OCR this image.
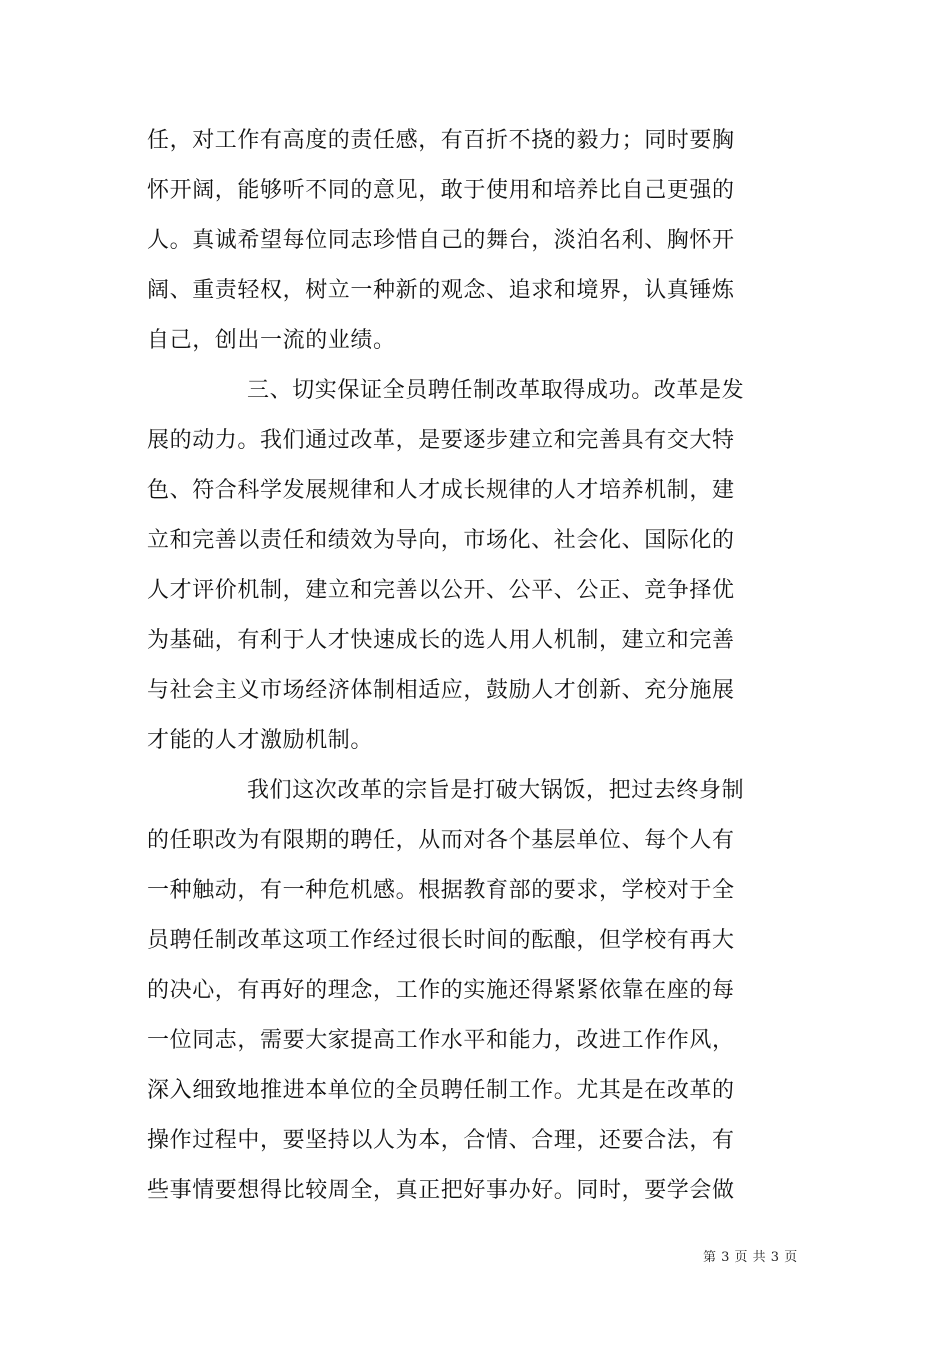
任，对工作有高度的责任感，有百折不挠的毅力；同时要胸
怀开阔，能够听不同的意见，敢于使用和培养比自己更强的
人。真诚希望每位同志珍惜自己的舞台，淡泊名利、胸怀开
阔、重责轻权，树立一种新的观念、追求和境界，认真锤炼
自己，创出一流的业绩。
三、切实保证全员聘任制改革取得成功。改革是发
展的动力。我们通过改革，是要逐步建立和完善具有交大特
色、符合科学发展规律和人才成长规律的人才培养机制，建
立和完善以责任和绩效为导向，市场化、社会化、国际化的
人才评价机制，建立和完善以公开、公平、公正、竞争择优
为基础，有利于人才快速成长的选人用人机制，建立和完善
与社会主义市场经济体制相适应，鼓励人才创新、充分施展
才能的人才激励机制。
我们这次改革的宗旨是打破大锅饭，把过去终身制
的任职改为有限期的聘任，从而对各个基层单位、每个人有
一种触动，有一种危机感。根据教育部的要求，学校对于全
员聘任制改革这项工作经过很长时间的酝酿，但学校有再大
的决心，有再好的理念，工作的实施还得紧紧依靠在座的每
一位同志，需要大家提高工作水平和能力，改进工作作风，
深入细致地推进本单位的全员聘任制工作。尤其是在改革的
操作过程中，要坚持以人为本，合情、合理，还要合法，有
些事情要想得比较周全，真正把好事办好。同时，要学会做
第 3 页 共 3 页
